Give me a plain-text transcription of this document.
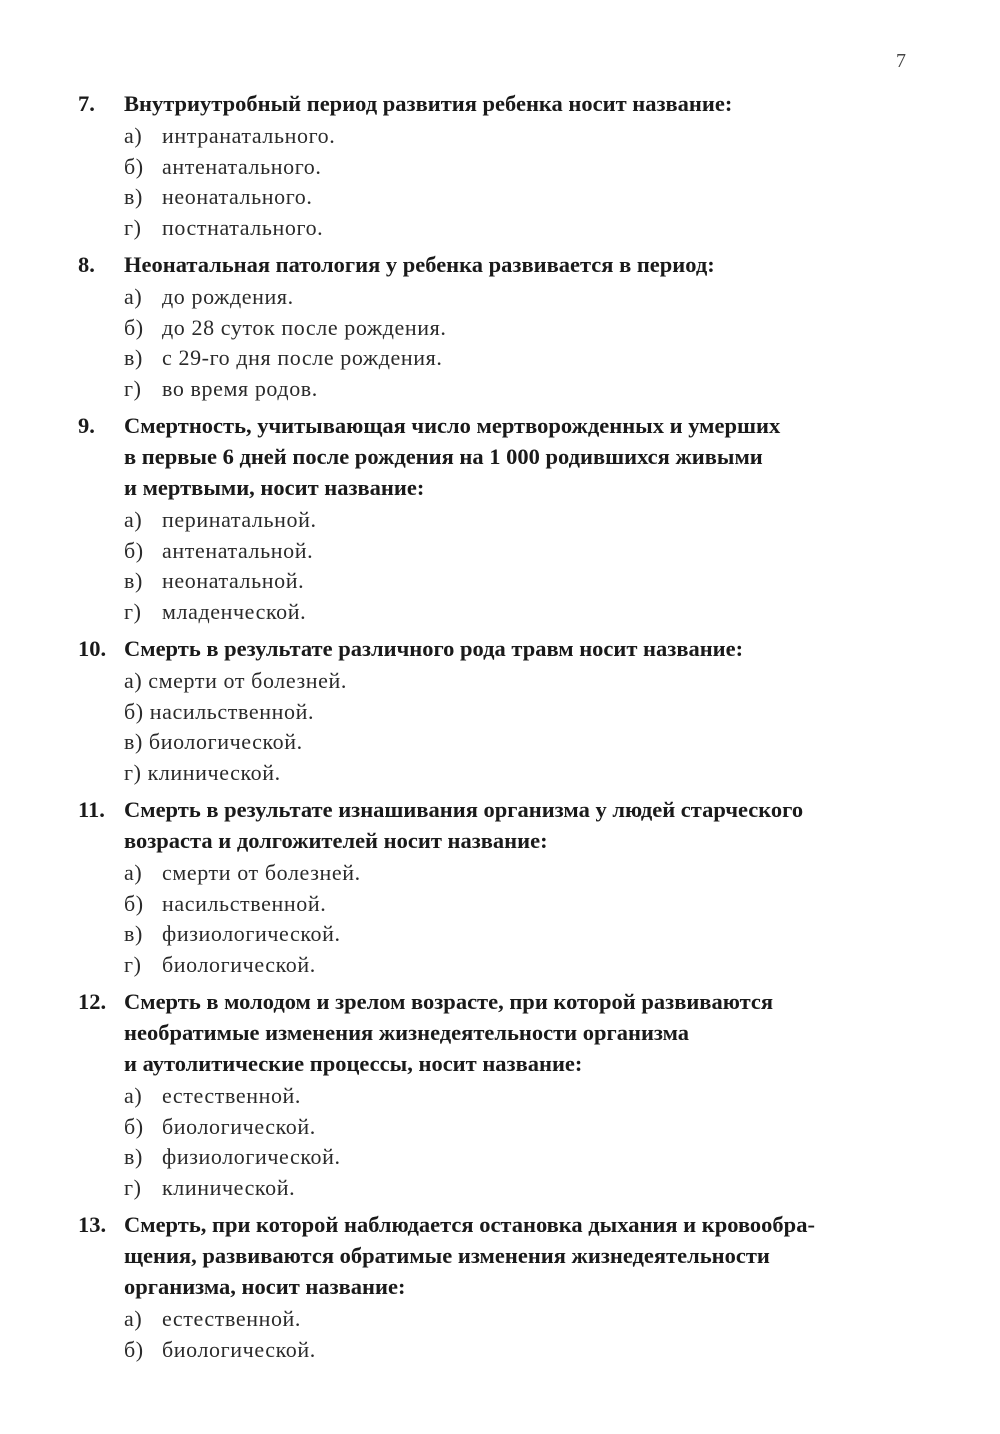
7
7.	Внутриутробный период развития ребенка носит название:
а) интранатального.
б) антенатального.
в) неонатального.
г) постнатального.
8.	Неонатальная патология у ребенка развивается в период:
а) до рождения.
б) до 28 суток после рождения.
в) с 29-го дня после рождения.
г) во время родов.
9.	Смертность, учитывающая число мертворожденных и умерших
в первые 6 дней после рождения на 1 000 родившихся живыми
и мертвыми, носит название:
а) перинатальной.
б) антенатальной.
в) неонатальной.
г) младенческой.
10. Смерть в результате различного рода травм носит название:
а) смерти от болезней.
б) насильственной.
в) биологической.
г) клинической.
11. Смерть в результате изнашивания организма у людей старческого
возраста и долгожителей носит название:
а) смерти от болезней.
б) насильственной.
в) физиологической.
г) биологической.
12. Смерть в молодом и зрелом возрасте, при которой развиваются
необратимые изменения жизнедеятельности организма
и аутолитические процессы, носит название:
а) естественной.
б) биологической.
в) физиологической.
г) клинической.
13. Смерть, при которой наблюдается остановка дыхания и кровообра-
щения, развиваются обратимые изменения жизнедеятельности
организма, носит название:
а) естественной.
б) биологической.
